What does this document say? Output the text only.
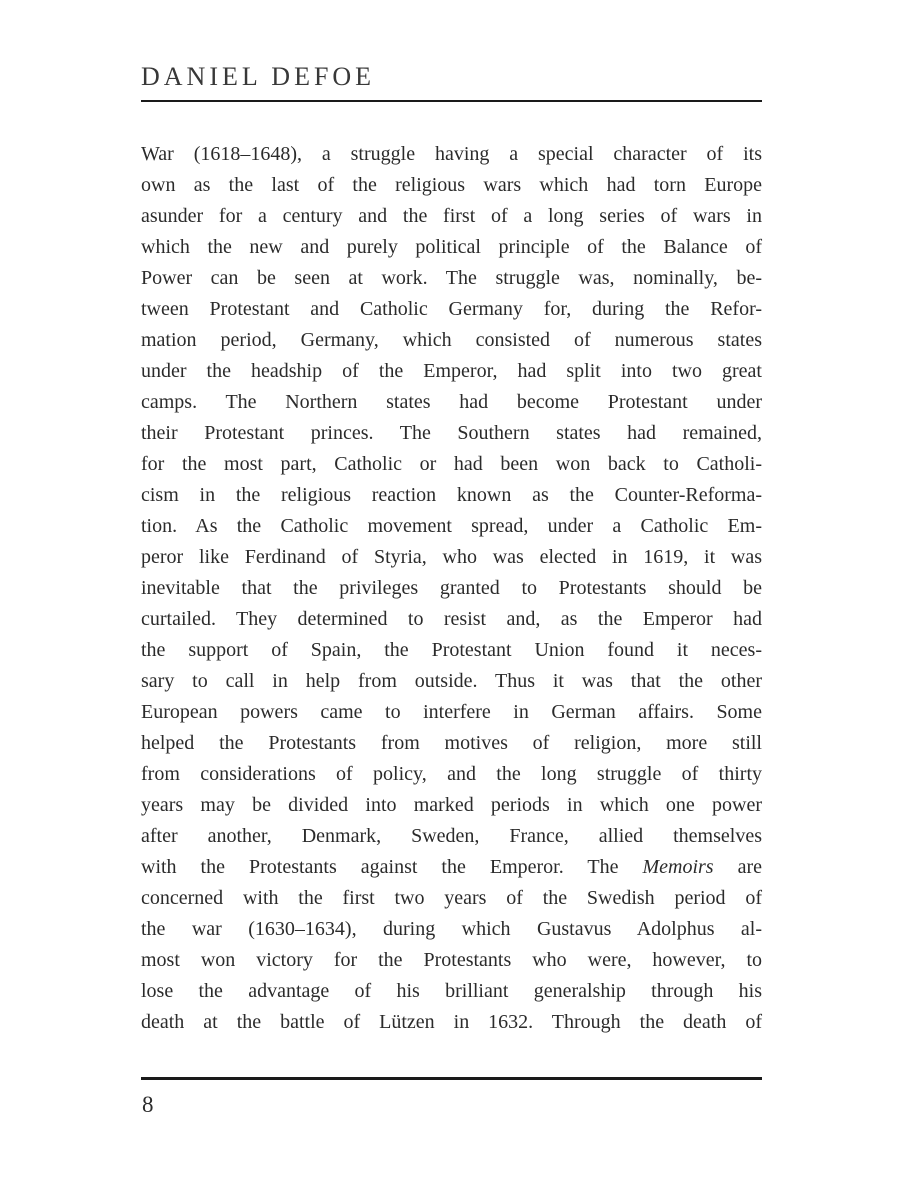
DANIEL DEFOE
War (1618–1648), a struggle having a special character of its
own as the last of the religious wars which had torn Europe
asunder for a century and the first of a long series of wars in
which the new and purely political principle of the Balance of
Power can be seen at work. The struggle was, nominally, be-
tween Protestant and Catholic Germany for, during the Refor-
mation period, Germany, which consisted of numerous states
under the headship of the Emperor, had split into two great
camps. The Northern states had become Protestant under
their Protestant princes. The Southern states had remained,
for the most part, Catholic or had been won back to Catholi-
cism in the religious reaction known as the Counter-Reforma-
tion. As the Catholic movement spread, under a Catholic Em-
peror like Ferdinand of Styria, who was elected in 1619, it was
inevitable that the privileges granted to Protestants should be
curtailed. They determined to resist and, as the Emperor had
the support of Spain, the Protestant Union found it neces-
sary to call in help from outside. Thus it was that the other
European powers came to interfere in German affairs. Some
helped the Protestants from motives of religion, more still
from considerations of policy, and the long struggle of thirty
years may be divided into marked periods in which one power
after another, Denmark, Sweden, France, allied themselves
with the Protestants against the Emperor. The Memoirs are
concerned with the first two years of the Swedish period of
the war (1630–1634), during which Gustavus Adolphus al-
most won victory for the Protestants who were, however, to
lose the advantage of his brilliant generalship through his
death at the battle of Lützen in 1632. Through the death of
8
